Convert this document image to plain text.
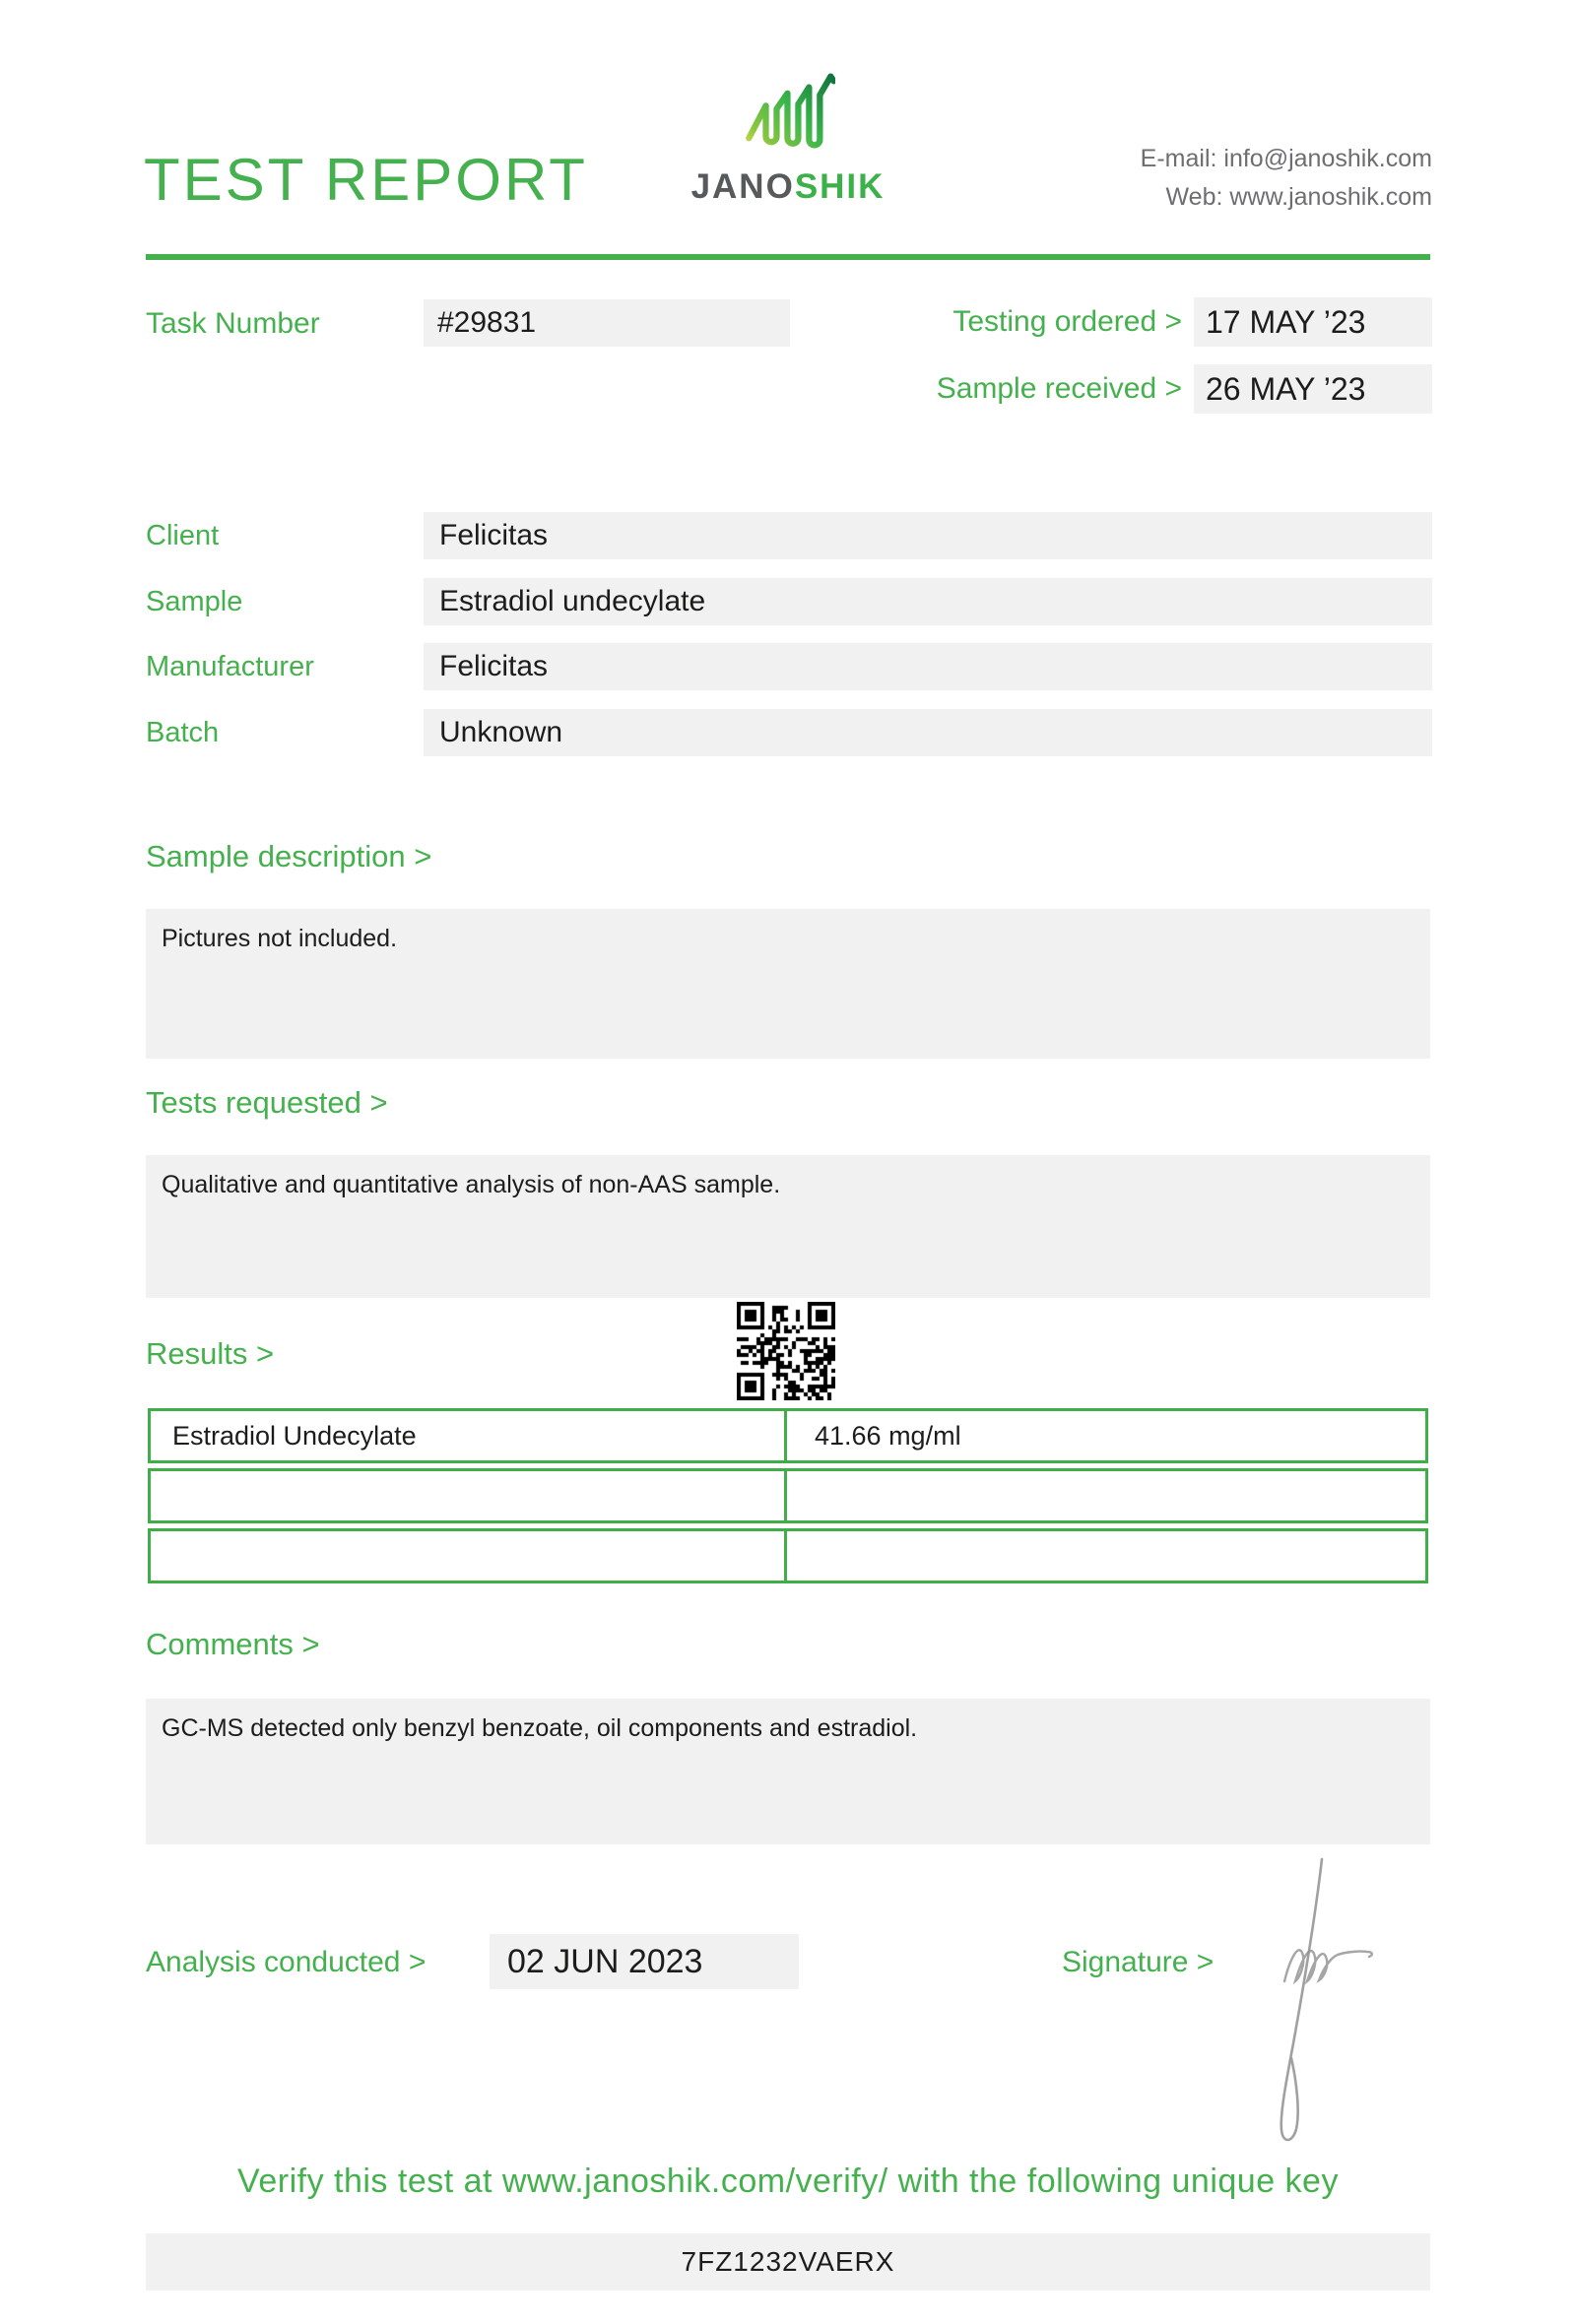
TEST REPORT	JANOSHIK
E-mail: info@janoshik.com
Web: www.janoshik.com
Task Number	#29831	Testing ordered > 17 MAY ’23
Sample received > 26 MAY ’23
Client	Felicitas
Sample	Estradiol undecylate
Manufacturer	Felicitas
Batch	Unknown
Sample description >
Pictures not included.
Tests requested >
Qualitative and quantitative analysis of non-AAS sample.
Results >
Estradiol Undecylate	41.66 mg/ml
Comments >
GC-MS detected only benzyl benzoate, oil components and estradiol.
Analysis conducted >	02 JUN 2023	Signature >
Verify this test at www.janoshik.com/verify/ with the following unique key
7FZ1232VAERX
